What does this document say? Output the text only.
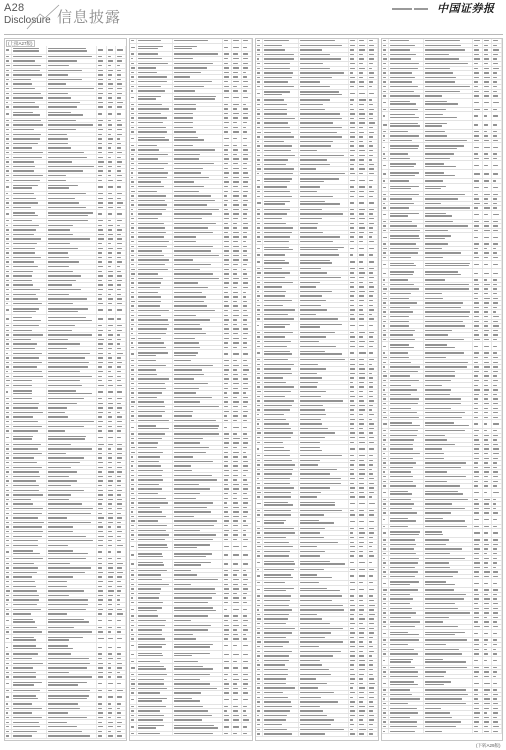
A28
Disclosure 信息披露	中国证券报
(上接A27版)
(下转A29版)
